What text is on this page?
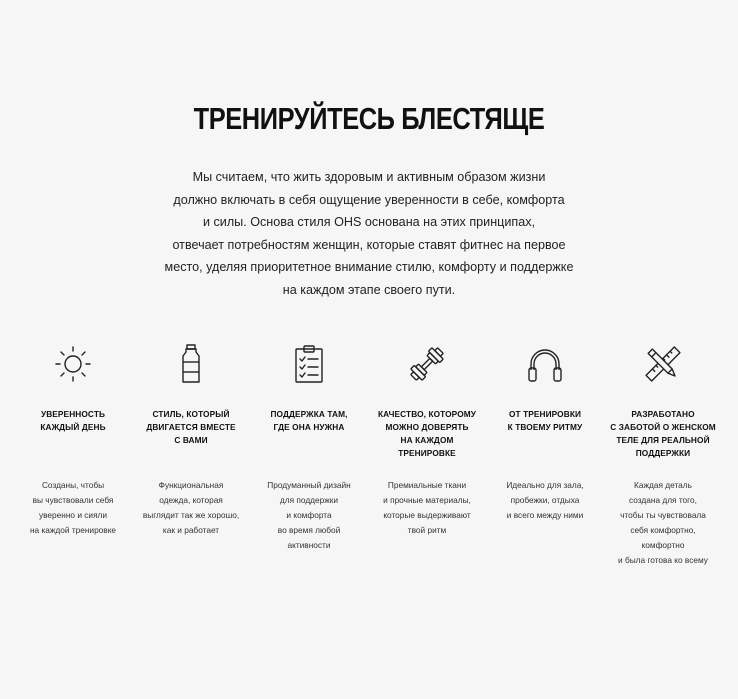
ТРЕНИРУЙТЕСЬ БЛЕСТЯЩЕ
Мы считаем, что жить здоровым и активным образом жизни
должно включать в себя ощущение уверенности в себе, комфорта
и силы. Основа стиля OHS основана на этих принципах,
отвечает потребностям женщин, которые ставят фитнес на первое
место, уделяя приоритетное внимание стилю, комфорту и поддержке
на каждом этапе своего пути.
УВЕРЕННОСТЬ
КАЖДЫЙ ДЕНЬ
Созданы, чтобы
вы чувствовали себя
уверенно и сияли
на каждой тренировке
СТИЛЬ, КОТОРЫЙ
ДВИГАЕТСЯ ВМЕСТЕ
С ВАМИ
Функциональная
одежда, которая
выглядит так же хорошо,
как и работает
ПОДДЕРЖКА ТАМ,
ГДЕ ОНА НУЖНА
Продуманный дизайн
для поддержки
и комфорта
во время любой
активности
КАЧЕСТВО, КОТОРОМУ
МОЖНО ДОВЕРЯТЬ
НА КАЖДОМ
ТРЕНИРОВКЕ
Премиальные ткани
и прочные материалы,
которые выдерживают
твой ритм
ОТ ТРЕНИРОВКИ
К ТВОЕМУ РИТМУ
Идеально для зала,
пробежки, отдыха
и всего между ними
РАЗРАБОТАНО
С ЗАБОТОЙ О ЖЕНСКОМ
ТЕЛЕ ДЛЯ РЕАЛЬНОЙ
ПОДДЕРЖКИ
Каждая деталь
создана для того,
чтобы ты чувствовала
себя комфортно,
комфортно
и была готова ко всему
